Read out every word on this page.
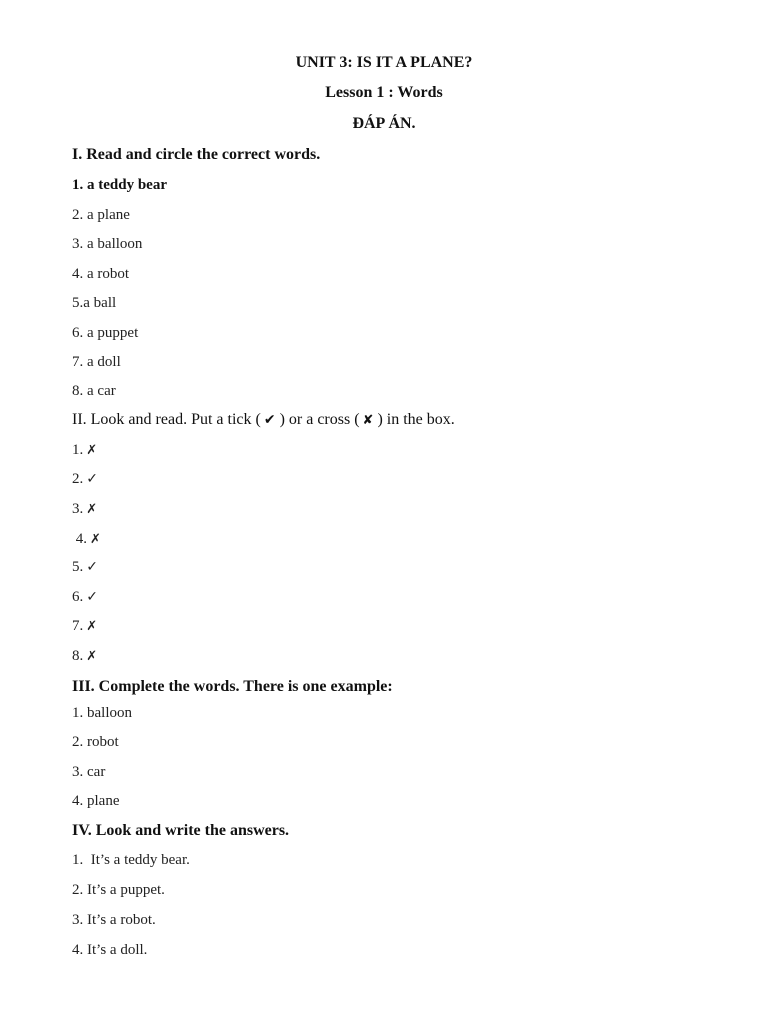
UNIT 3: IS IT A PLANE?

Lesson 1 : Words

ĐÁP ÁN.

I. Read and circle the correct words.

1. a teddy bear

2. a plane

3. a balloon

4. a robot

5.a ball

6. a puppet

7. a doll

8. a car

II. Look and read. Put a tick ( ✔ ) or a cross ( ✘ ) in the box.

1. ✗

2. ✓

3. ✗

4. ✗

5. ✓

6. ✓

7. ✗

8. ✗

III. Complete the words. There is one example:

1. balloon

2. robot

3. car

4. plane

IV. Look and write the answers.

1.  It’s a teddy bear.

2. It’s a puppet.

3. It’s a robot.

4. It’s a doll.
